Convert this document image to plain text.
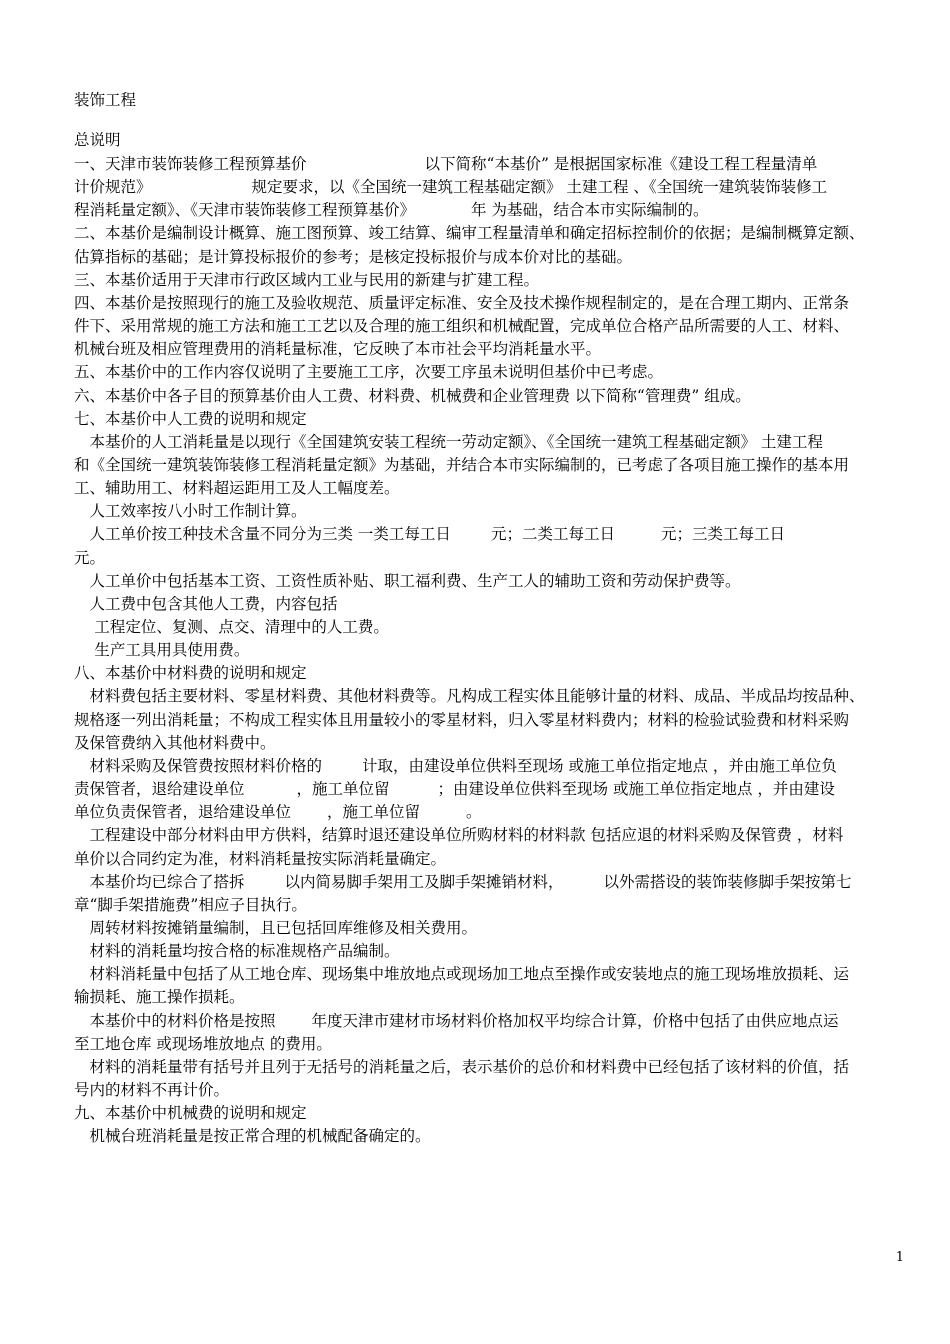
装饰工程

总说明

一、天津市装饰装修工程预算基价	以下简称“本基价” 是根据国家标准《建设工程工程量清单

计价规范》	规定要求，以《全国统一建筑工程基础定额》 土建工程 、《全国统一建筑装饰装修工

程消耗量定额》、《天津市装饰装修工程预算基价》	年 为基础，结合本市实际编制的。

二、本基价是编制设计概算、施工图预算、竣工结算、编审工程量清单和确定招标控制价的依据；是编制概算定额、

估算指标的基础；是计算投标报价的参考；是核定投标报价与成本价对比的基础。

三、本基价适用于天津市行政区域内工业与民用的新建与扩建工程。

四、本基价是按照现行的施工及验收规范、质量评定标准、安全及技术操作规程制定的，是在合理工期内、正常条

件下、采用常规的施工方法和施工工艺以及合理的施工组织和机械配置，完成单位合格产品所需要的人工、材料、

机械台班及相应管理费用的消耗量标准，它反映了本市社会平均消耗量水平。

五、本基价中的工作内容仅说明了主要施工工序，次要工序虽未说明但基价中已考虑。

六、本基价中各子目的预算基价由人工费、材料费、机械费和企业管理费 以下简称“管理费” 组成。

七、本基价中人工费的说明和规定

　本基价的人工消耗量是以现行《全国建筑安装工程统一劳动定额》、《全国统一建筑工程基础定额》 土建工程

和《全国统一建筑装饰装修工程消耗量定额》为基础，并结合本市实际编制的，已考虑了各项目施工操作的基本用

工、辅助用工、材料超运距用工及人工幅度差。

　人工效率按八小时工作制计算。

　人工单价按工种技术含量不同分为三类 一类工每工日	元；二类工每工日	元；三类工每工日

元。

　人工单价中包括基本工资、工资性质补贴、职工福利费、生产工人的辅助工资和劳动保护费等。

　人工费中包含其他人工费，内容包括

　 工程定位、复测、点交、清理中的人工费。

　 生产工具用具使用费。

八、本基价中材料费的说明和规定

　材料费包括主要材料、零星材料费、其他材料费等。凡构成工程实体且能够计量的材料、成品、半成品均按品种、

规格逐一列出消耗量；不构成工程实体且用量较小的零星材料，归入零星材料费内；材料的检验试验费和材料采购

及保管费纳入其他材料费中。

　材料采购及保管费按照材料价格的	计取，由建设单位供料至现场 或施工单位指定地点 ，并由施工单位负

责保管者，退给建设单位	，施工单位留	；由建设单位供料至现场 或施工单位指定地点 ，并由建设

单位负责保管者，退给建设单位 ，施工单位留	。

　工程建设中部分材料由甲方供料，结算时退还建设单位所购材料的材料款 包括应退的材料采购及保管费 ，材料

单价以合同约定为准，材料消耗量按实际消耗量确定。

　本基价均已综合了搭拆	以内简易脚手架用工及脚手架摊销材料，	以外需搭设的装饰装修脚手架按第七

章“脚手架措施费”相应子目执行。

　周转材料按摊销量编制，且已包括回库维修及相关费用。

　材料的消耗量均按合格的标准规格产品编制。

　材料消耗量中包括了从工地仓库、现场集中堆放地点或现场加工地点至操作或安装地点的施工现场堆放损耗、运

输损耗、施工操作损耗。

　本基价中的材料价格是按照 年度天津市建材市场材料价格加权平均综合计算，价格中包括了由供应地点运

至工地仓库 或现场堆放地点 的费用。

　材料的消耗量带有括号并且列于无括号的消耗量之后，表示基价的总价和材料费中已经包括了该材料的价值，括

号内的材料不再计价。

九、本基价中机械费的说明和规定

　机械台班消耗量是按正常合理的机械配备确定的。

1
